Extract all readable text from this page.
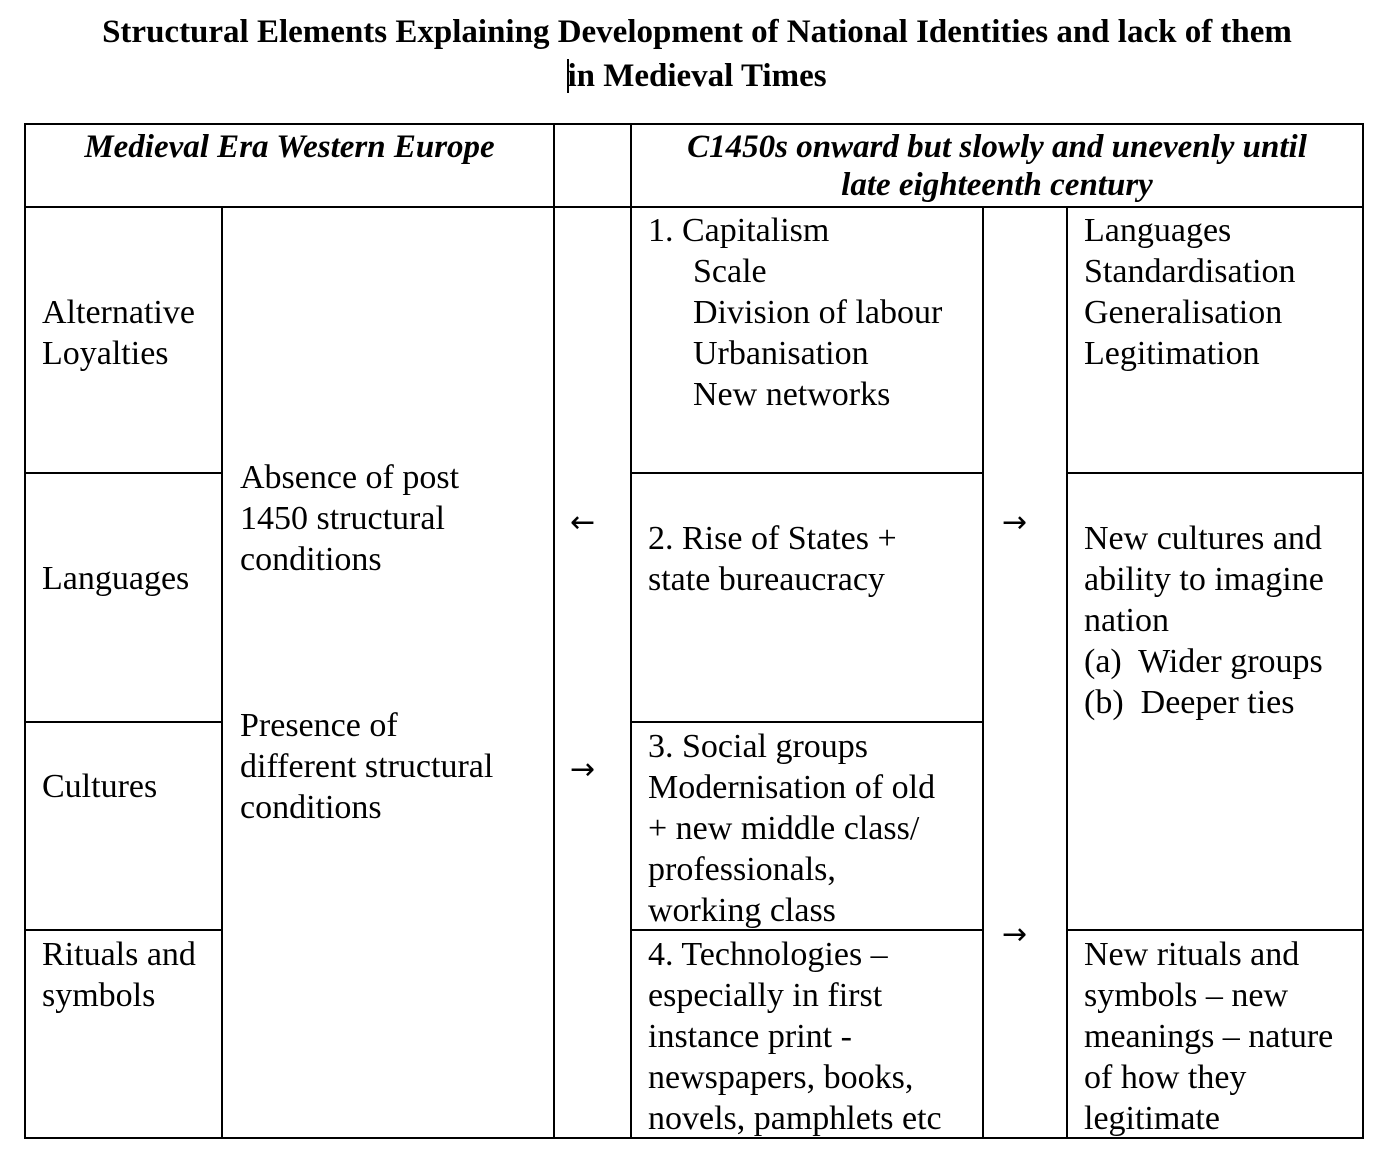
Structural Elements Explaining Development of National Identities and lack of them
in Medieval Times
Medieval Era Western Europe	C1450s onward but slowly and unevenly until
late eighteenth century
Alternative
Loyalties
Languages
Cultures
Rituals and
symbols
Absence of post
1450 structural
conditions
Presence of
different structural
conditions
←
→
→
→
1. Capitalism
Scale
Division of labour
Urbanisation
New networks
2. Rise of States +
state bureaucracy
3. Social groups
Modernisation of old
+ new middle class/
professionals,
working class
4. Technologies –
especially in first
instance print -
newspapers, books,
novels, pamphlets etc
Languages
Standardisation
Generalisation
Legitimation
New cultures and
ability to imagine
nation
(a)  Wider groups
(b)  Deeper ties
New rituals and
symbols – new
meanings – nature
of how they
legitimate
